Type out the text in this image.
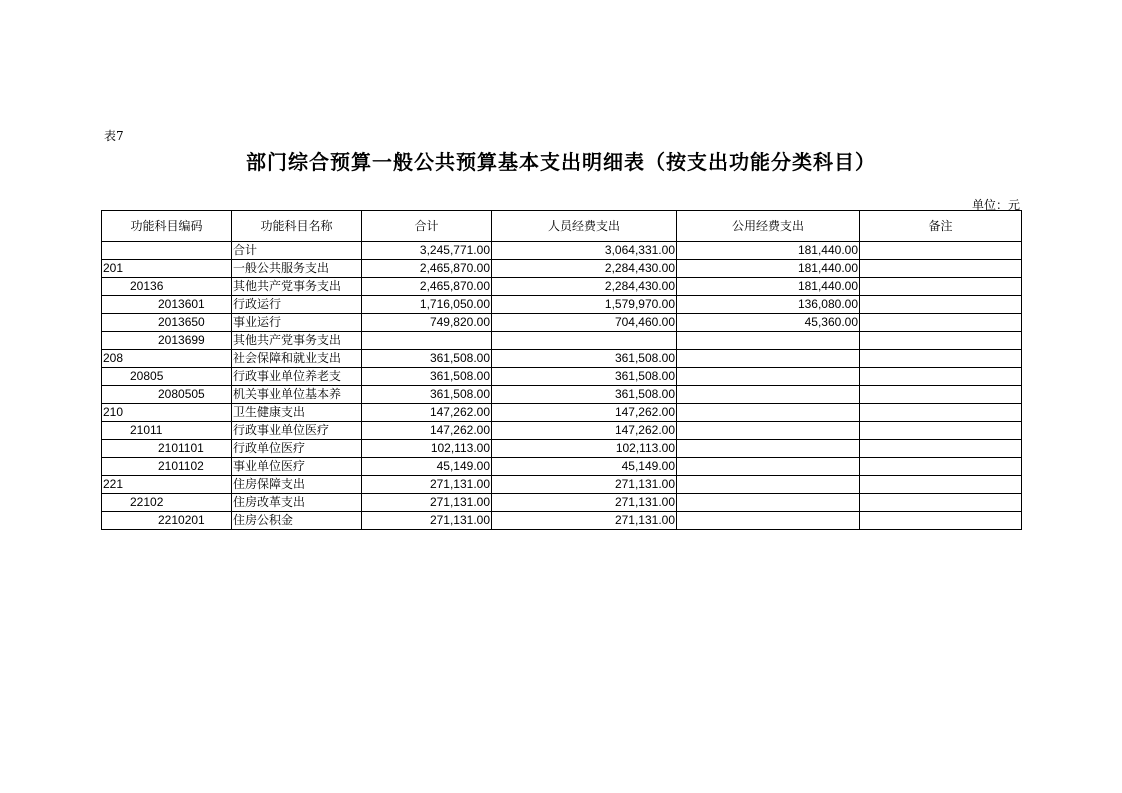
表7
部门综合预算一般公共预算基本支出明细表（按支出功能分类科目）
单位：元
功能科目编码	功能科目名称	合计	人员经费支出	公用经费支出	备注
	合计	3,245,771.00	3,064,331.00	181,440.00	
201	一般公共服务支出	2,465,870.00	2,284,430.00	181,440.00	
20136	其他共产党事务支出	2,465,870.00	2,284,430.00	181,440.00	
2013601	行政运行	1,716,050.00	1,579,970.00	136,080.00	
2013650	事业运行	749,820.00	704,460.00	45,360.00	
2013699	其他共产党事务支出				
208	社会保障和就业支出	361,508.00	361,508.00		
20805	行政事业单位养老支	361,508.00	361,508.00		
2080505	机关事业单位基本养	361,508.00	361,508.00		
210	卫生健康支出	147,262.00	147,262.00		
21011	行政事业单位医疗	147,262.00	147,262.00		
2101101	行政单位医疗	102,113.00	102,113.00		
2101102	事业单位医疗	45,149.00	45,149.00		
221	住房保障支出	271,131.00	271,131.00		
22102	住房改革支出	271,131.00	271,131.00		
2210201	住房公积金	271,131.00	271,131.00		
